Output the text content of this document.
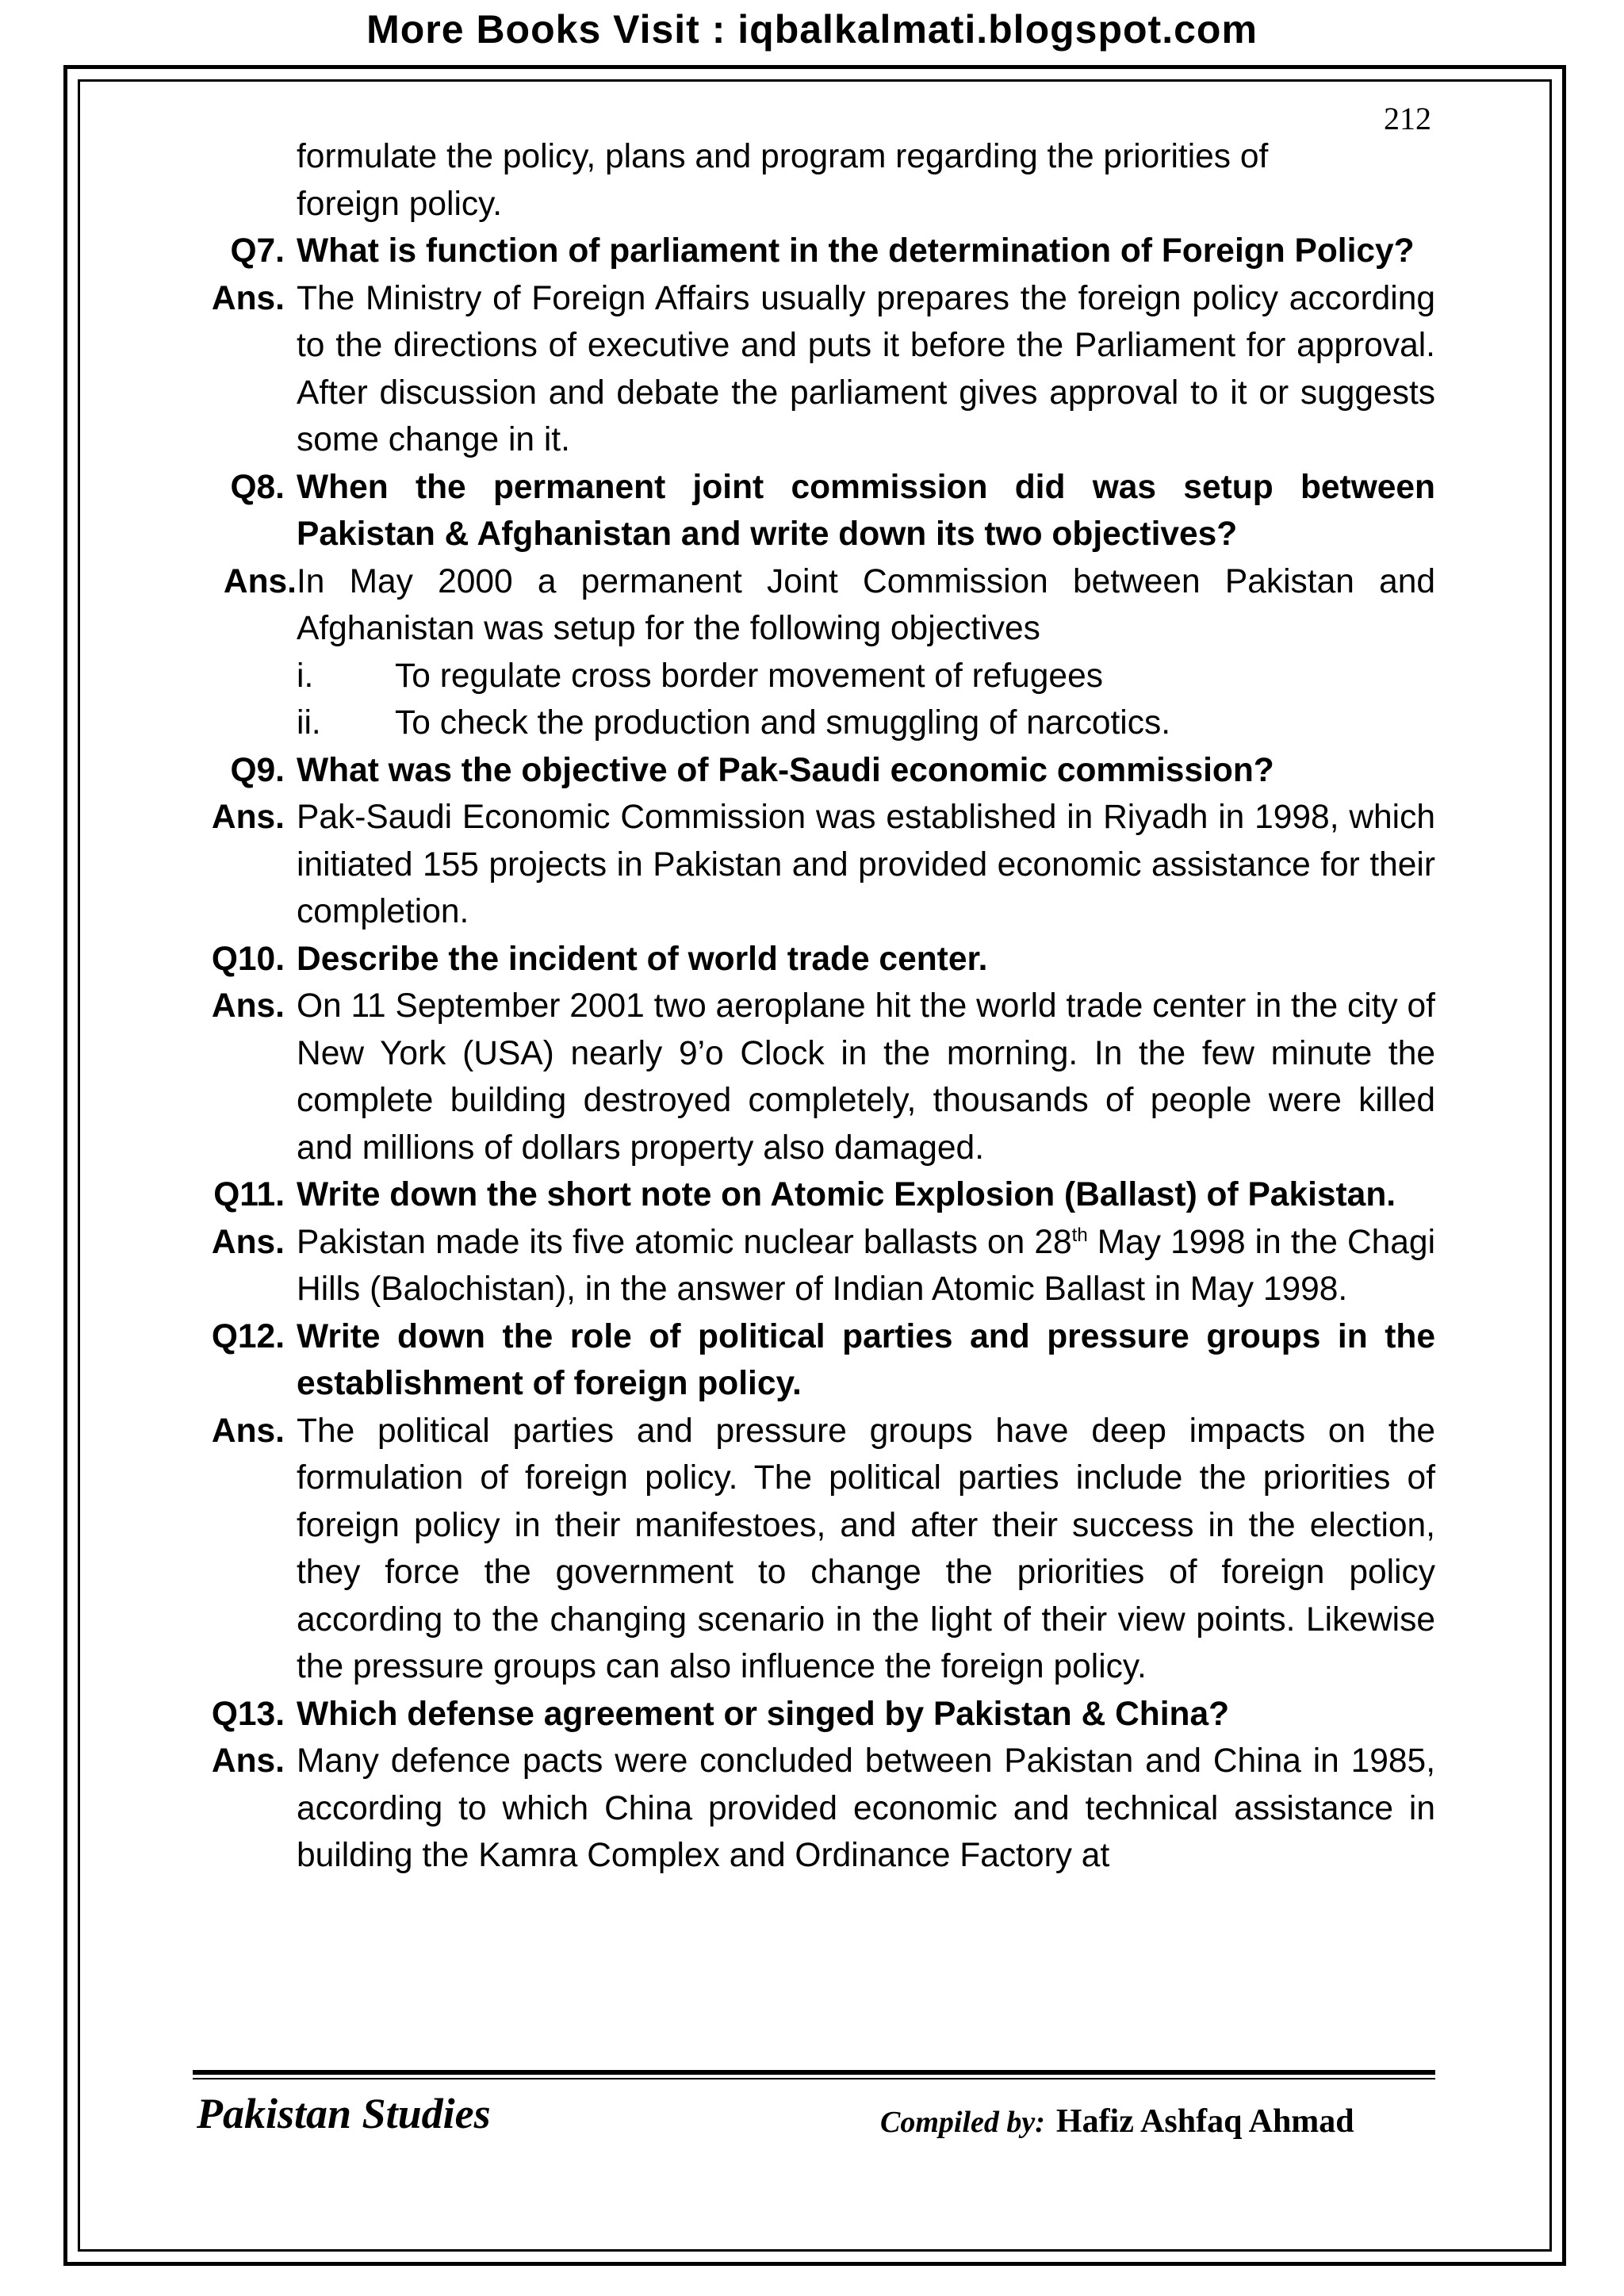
More Books Visit : iqbalkalmati.blogspot.com
212
formulate the policy, plans and program regarding the priorities of
foreign policy.
Q7. What is function of parliament in the determination of Foreign Policy?
Ans. The Ministry of Foreign Affairs usually prepares the foreign policy according to the directions of executive and puts it before the Parliament for approval. After discussion and debate the parliament gives approval to it or suggests some change in it.
Q8. When the permanent joint commission did was setup between Pakistan & Afghanistan and write down its two objectives?
Ans. In May 2000 a permanent Joint Commission between Pakistan and Afghanistan was setup for the following objectives
i.	To regulate cross border movement of refugees
ii.	To check the production and smuggling of narcotics.
Q9. What was the objective of Pak-Saudi economic commission?
Ans. Pak-Saudi Economic Commission was established in Riyadh in 1998, which initiated 155 projects in Pakistan and provided economic assistance for their completion.
Q10. Describe the incident of world trade center.
Ans. On 11 September 2001 two aeroplane hit the world trade center in the city of New York (USA) nearly 9’o Clock in the morning. In the few minute the complete building destroyed completely, thousands of people were killed and millions of dollars property also damaged.
Q11. Write down the short note on Atomic Explosion (Ballast) of Pakistan.
Ans. Pakistan made its five atomic nuclear ballasts on 28th May 1998 in the Chagi Hills (Balochistan), in the answer of Indian Atomic Ballast in May 1998.
Q12. Write down the role of political parties and pressure groups in the establishment of foreign policy.
Ans. The political parties and pressure groups have deep impacts on the formulation of foreign policy. The political parties include the priorities of foreign policy in their manifestoes, and after their success in the election, they force the government to change the priorities of foreign policy according to the changing scenario in the light of their view points. Likewise the pressure groups can also influence the foreign policy.
Q13. Which defense agreement or singed by Pakistan & China?
Ans. Many defence pacts were concluded between Pakistan and China in 1985, according to which China provided economic and technical assistance in building the Kamra Complex and Ordinance Factory at
Pakistan Studies	Compiled by: Hafiz Ashfaq Ahmad
